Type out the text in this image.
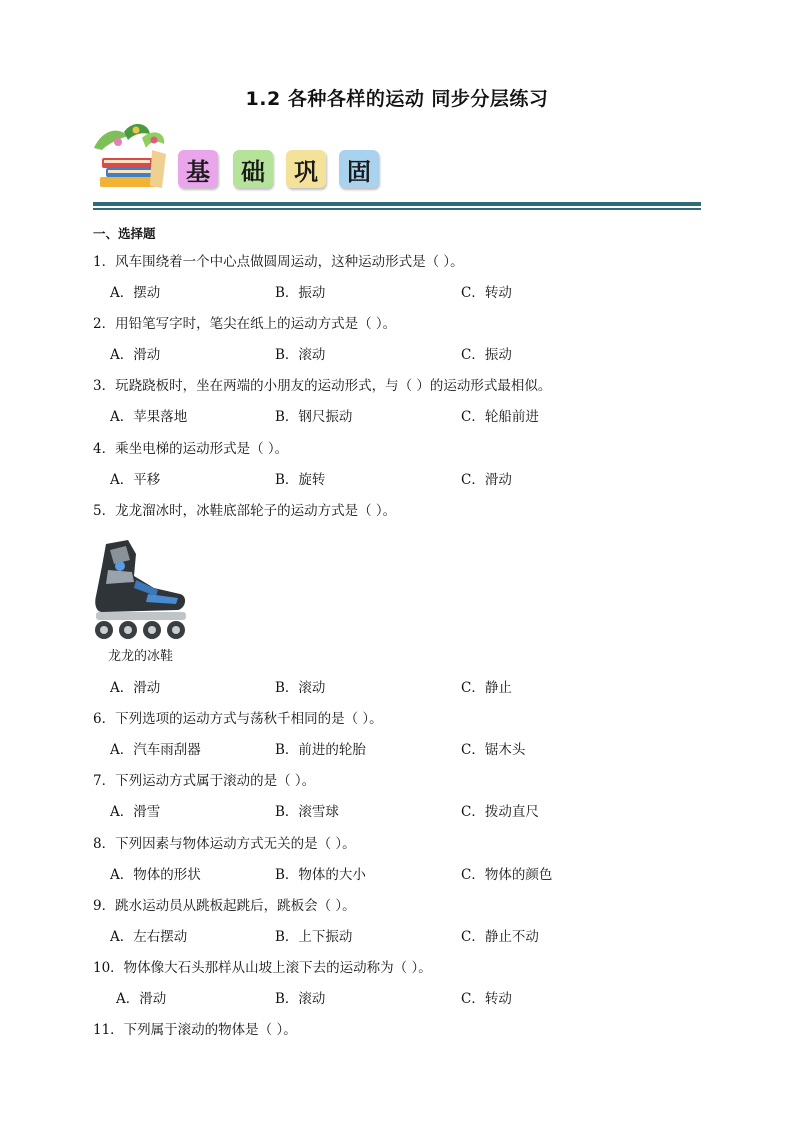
1.2 各种各样的运动 同步分层练习
基	础	巩	固
一、选择题
1．风车围绕着一个中心点做圆周运动，这种运动形式是（ ）。
A．摆动	B．振动	C．转动
2．用铅笔写字时，笔尖在纸上的运动方式是（ ）。
A．滑动	B．滚动	C．振动
3．玩跷跷板时，坐在两端的小朋友的运动形式，与（ ）的运动形式最相似。
A．苹果落地	B．钢尺振动	C．轮船前进
4．乘坐电梯的运动形式是（ ）。
A．平移	B．旋转	C．滑动
5．龙龙溜冰时，冰鞋底部轮子的运动方式是（ ）。
龙龙的冰鞋
A．滑动	B．滚动	C．静止
6．下列选项的运动方式与荡秋千相同的是（ ）。
A．汽车雨刮器	B．前进的轮胎	C．锯木头
7．下列运动方式属于滚动的是（ ）。
A．滑雪	B．滚雪球	C．拨动直尺
8．下列因素与物体运动方式无关的是（ ）。
A．物体的形状	B．物体的大小	C．物体的颜色
9．跳水运动员从跳板起跳后，跳板会（ ）。
A．左右摆动	B．上下振动	C．静止不动
10．物体像大石头那样从山坡上滚下去的运动称为（ ）。
A．滑动	B．滚动	C．转动
11．下列属于滚动的物体是（ ）。
